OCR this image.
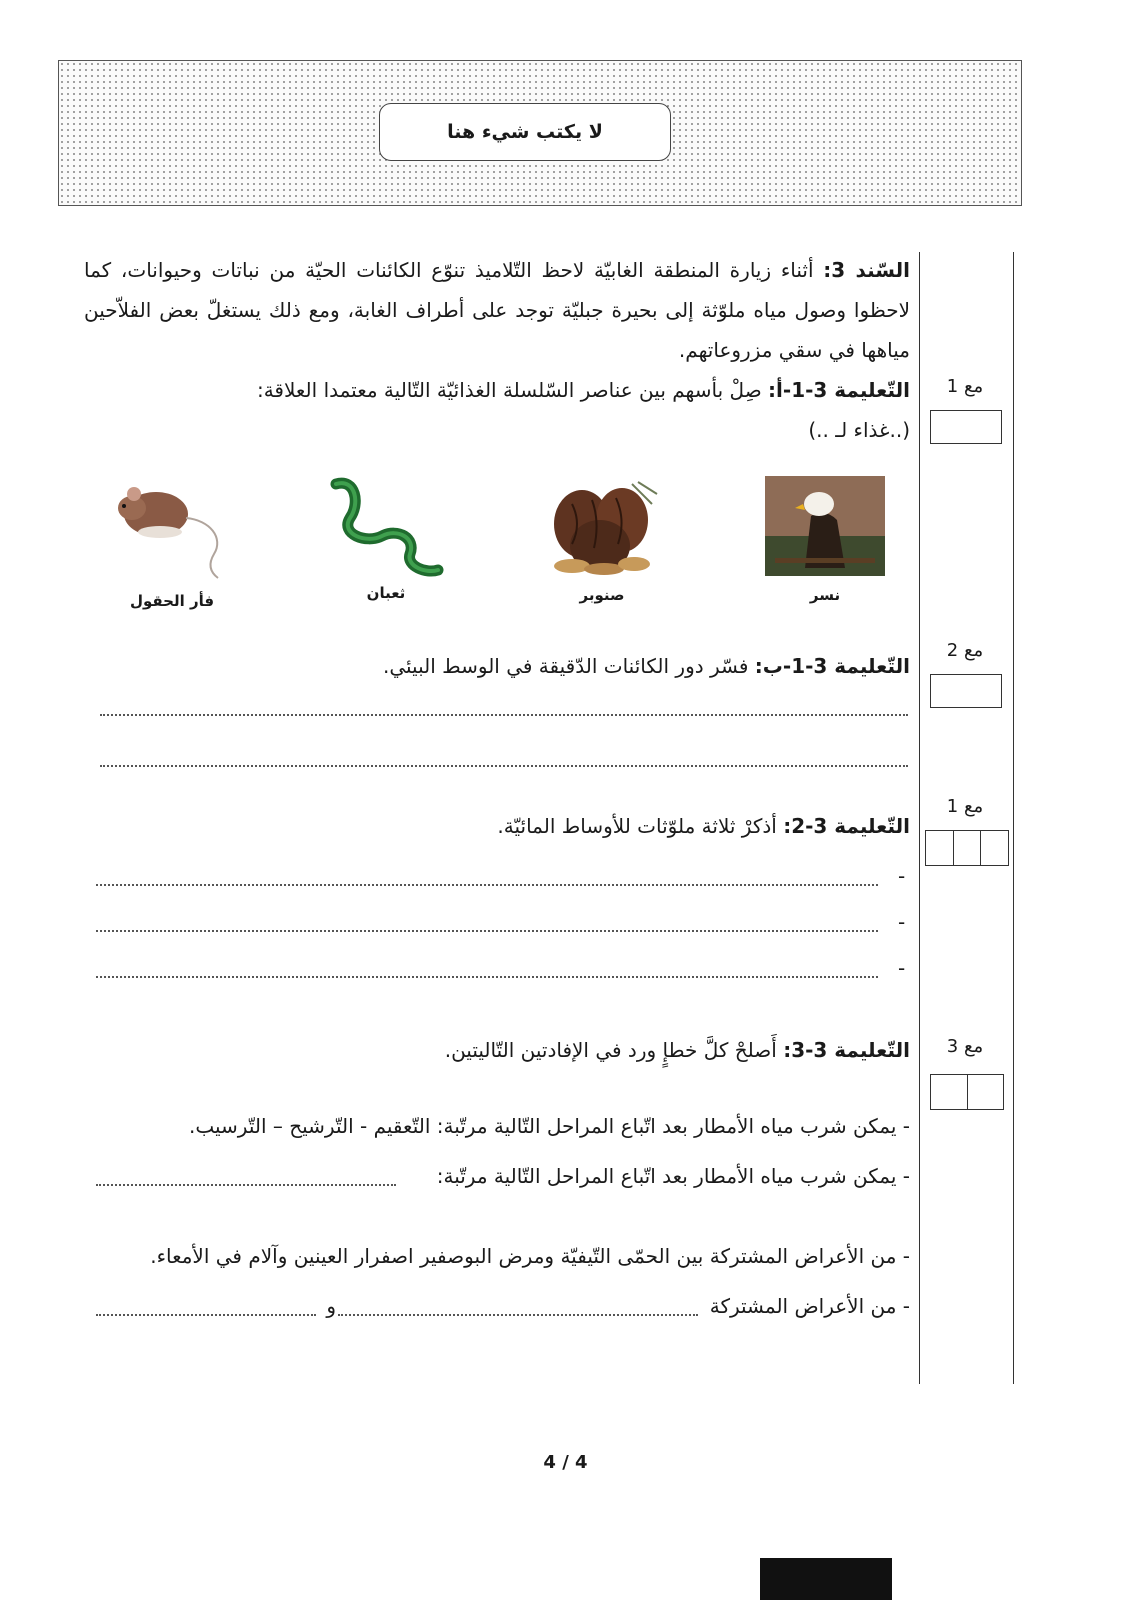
لا يكتب شيء هنا
السّند 3: أثناء زيارة المنطقة الغابيّة لاحظ التّلاميذ تنوّع الكائنات الحيّة من نباتات وحيوانات، كما لاحظوا وصول مياه ملوّثة إلى بحيرة جبليّة توجد على أطراف الغابة، ومع ذلك يستغلّ بعض الفلاّحين مياهها في سقي مزروعاتهم.
التّعليمة 3-1-أ: صِلْ بأسهم بين عناصر السّلسلة الغذائيّة التّالية معتمدا العلاقة:
(..غذاء لـ ..)
مع 1
نسر
صنوبر
ثعبان
فأر الحقول
التّعليمة 3-1-ب: فسّر دور الكائنات الدّقيقة في الوسط البيئي.
مع 2
التّعليمة 3-2: أذكرْ ثلاثة ملوّثات للأوساط المائيّة.
مع 1
-
-
-
التّعليمة 3-3: أَصلحْ كلَّ خطإٍ ورد في الإفادتين التّاليتين.	مع 3
- يمكن شرب مياه الأمطار بعد اتّباع المراحل التّالية مرتّبة: التّعقيم - التّرشيح – التّرسيب.
- يمكن شرب مياه الأمطار بعد اتّباع المراحل التّالية مرتّبة:
- من الأعراض المشتركة بين الحمّى التّيفيّة ومرض البوصفير اصفرار العينين وآلام في الأمعاء.
- من الأعراض المشتركة
و
4 / 4
